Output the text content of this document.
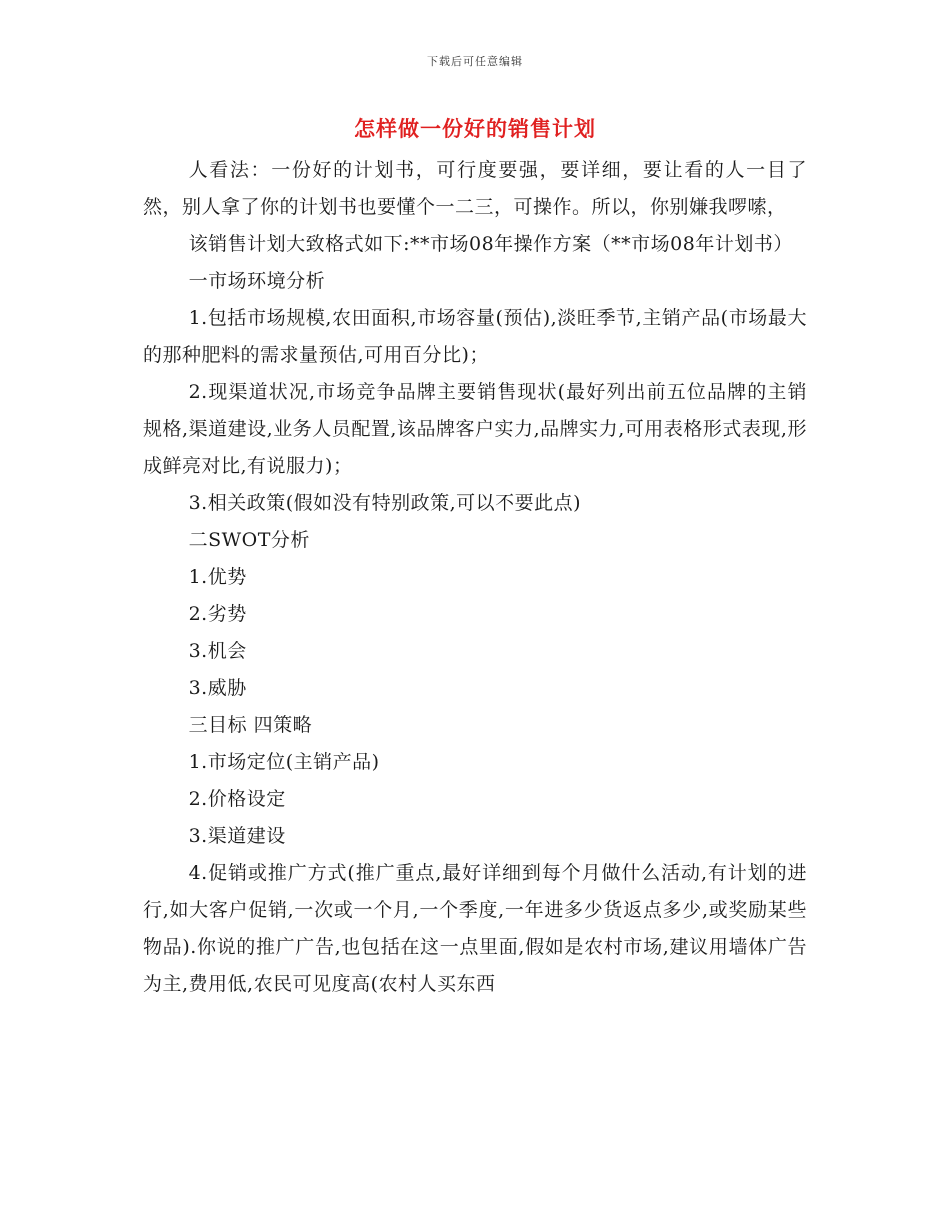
下载后可任意编辑
怎样做一份好的销售计划

人看法：一份好的计划书，可行度要强，要详细，要让看的人一目了然，别人拿了你的计划书也要懂个一二三，可操作。所以，你别嫌我啰嗦，

该销售计划大致格式如下:**市场08年操作方案（**市场08年计划书）

一市场环境分析

1.包括市场规模,农田面积,市场容量(预估),淡旺季节,主销产品(市场最大的那种肥料的需求量预估,可用百分比)；

2.现渠道状况,市场竞争品牌主要销售现状(最好列出前五位品牌的主销规格,渠道建设,业务人员配置,该品牌客户实力,品牌实力,可用表格形式表现,形成鲜亮对比,有说服力)；

3.相关政策(假如没有特别政策,可以不要此点)

二SWOT分析

1.优势

2.劣势

3.机会

3.威胁

三目标 四策略

1.市场定位(主销产品)

2.价格设定

3.渠道建设

4.促销或推广方式(推广重点,最好详细到每个月做什么活动,有计划的进行,如大客户促销,一次或一个月,一个季度,一年进多少货返点多少,或奖励某些物品).你说的推广广告,也包括在这一点里面,假如是农村市场,建议用墙体广告为主,费用低,农民可见度高(农村人买东西
